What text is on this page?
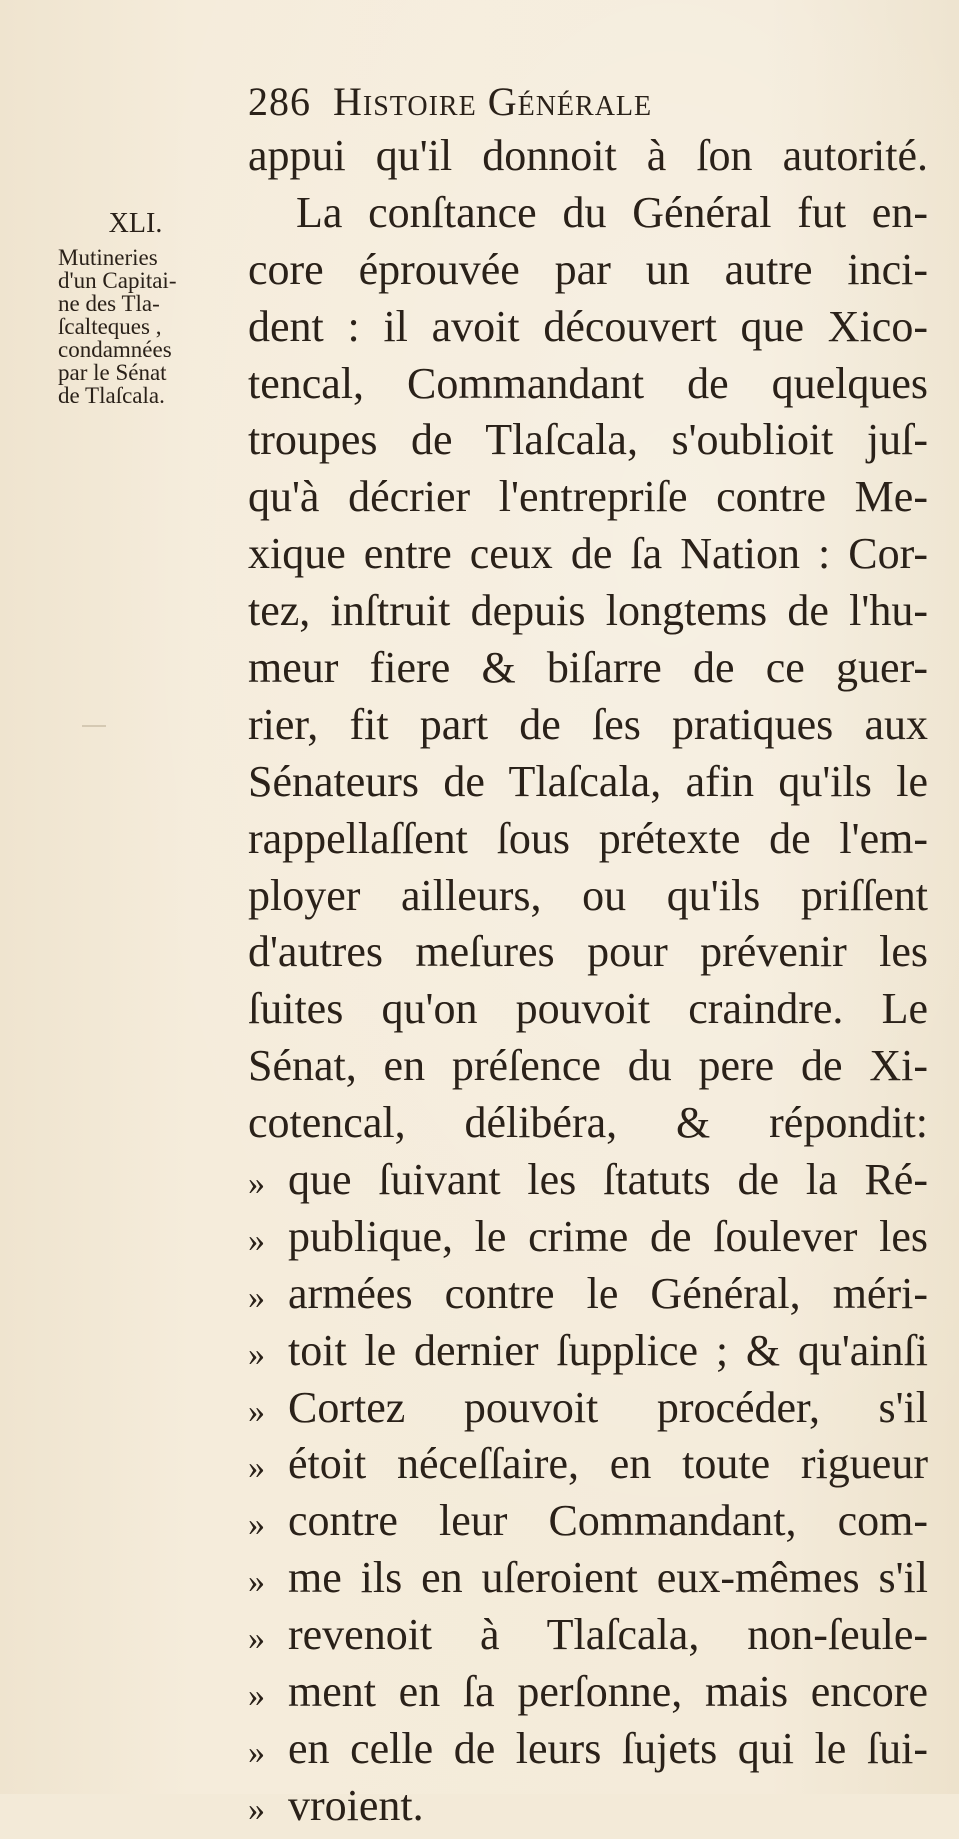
286 Histoire Générale
XLI.
Mutineries
d'un Capitai-
ne des Tla-
ſcalteques ,
condamnées
par le Sénat
de Tlaſcala.
appui qu'il donnoit à ſon autorité.
La conſtance du Général fut en-
core éprouvée par un autre inci-
dent : il avoit découvert que Xico-
tencal, Commandant de quelques
troupes de Tlaſcala, s'oublioit juſ-
qu'à décrier l'entrepriſe contre Me-
xique entre ceux de ſa Nation : Cor-
tez, inſtruit depuis longtems de l'hu-
meur fiere & biſarre de ce guer-
rier, fit part de ſes pratiques aux
Sénateurs de Tlaſcala, afin qu'ils le
rappellaſſent ſous prétexte de l'em-
ployer ailleurs, ou qu'ils priſſent
d'autres meſures pour prévenir les
ſuites qu'on pouvoit craindre. Le
Sénat, en préſence du pere de Xi-
cotencal, délibéra, & répondit:
» que ſuivant les ſtatuts de la Ré-
» publique, le crime de ſoulever les
» armées contre le Général, méri-
» toit le dernier ſupplice ; & qu'ainſi
» Cortez pouvoit procéder, s'il
» étoit néceſſaire, en toute rigueur
» contre leur Commandant, com-
» me ils en uſeroient eux-mêmes s'il
» revenoit à Tlaſcala, non-ſeule-
» ment en ſa perſonne, mais encore
» en celle de leurs ſujets qui le ſui-
» vroient.
